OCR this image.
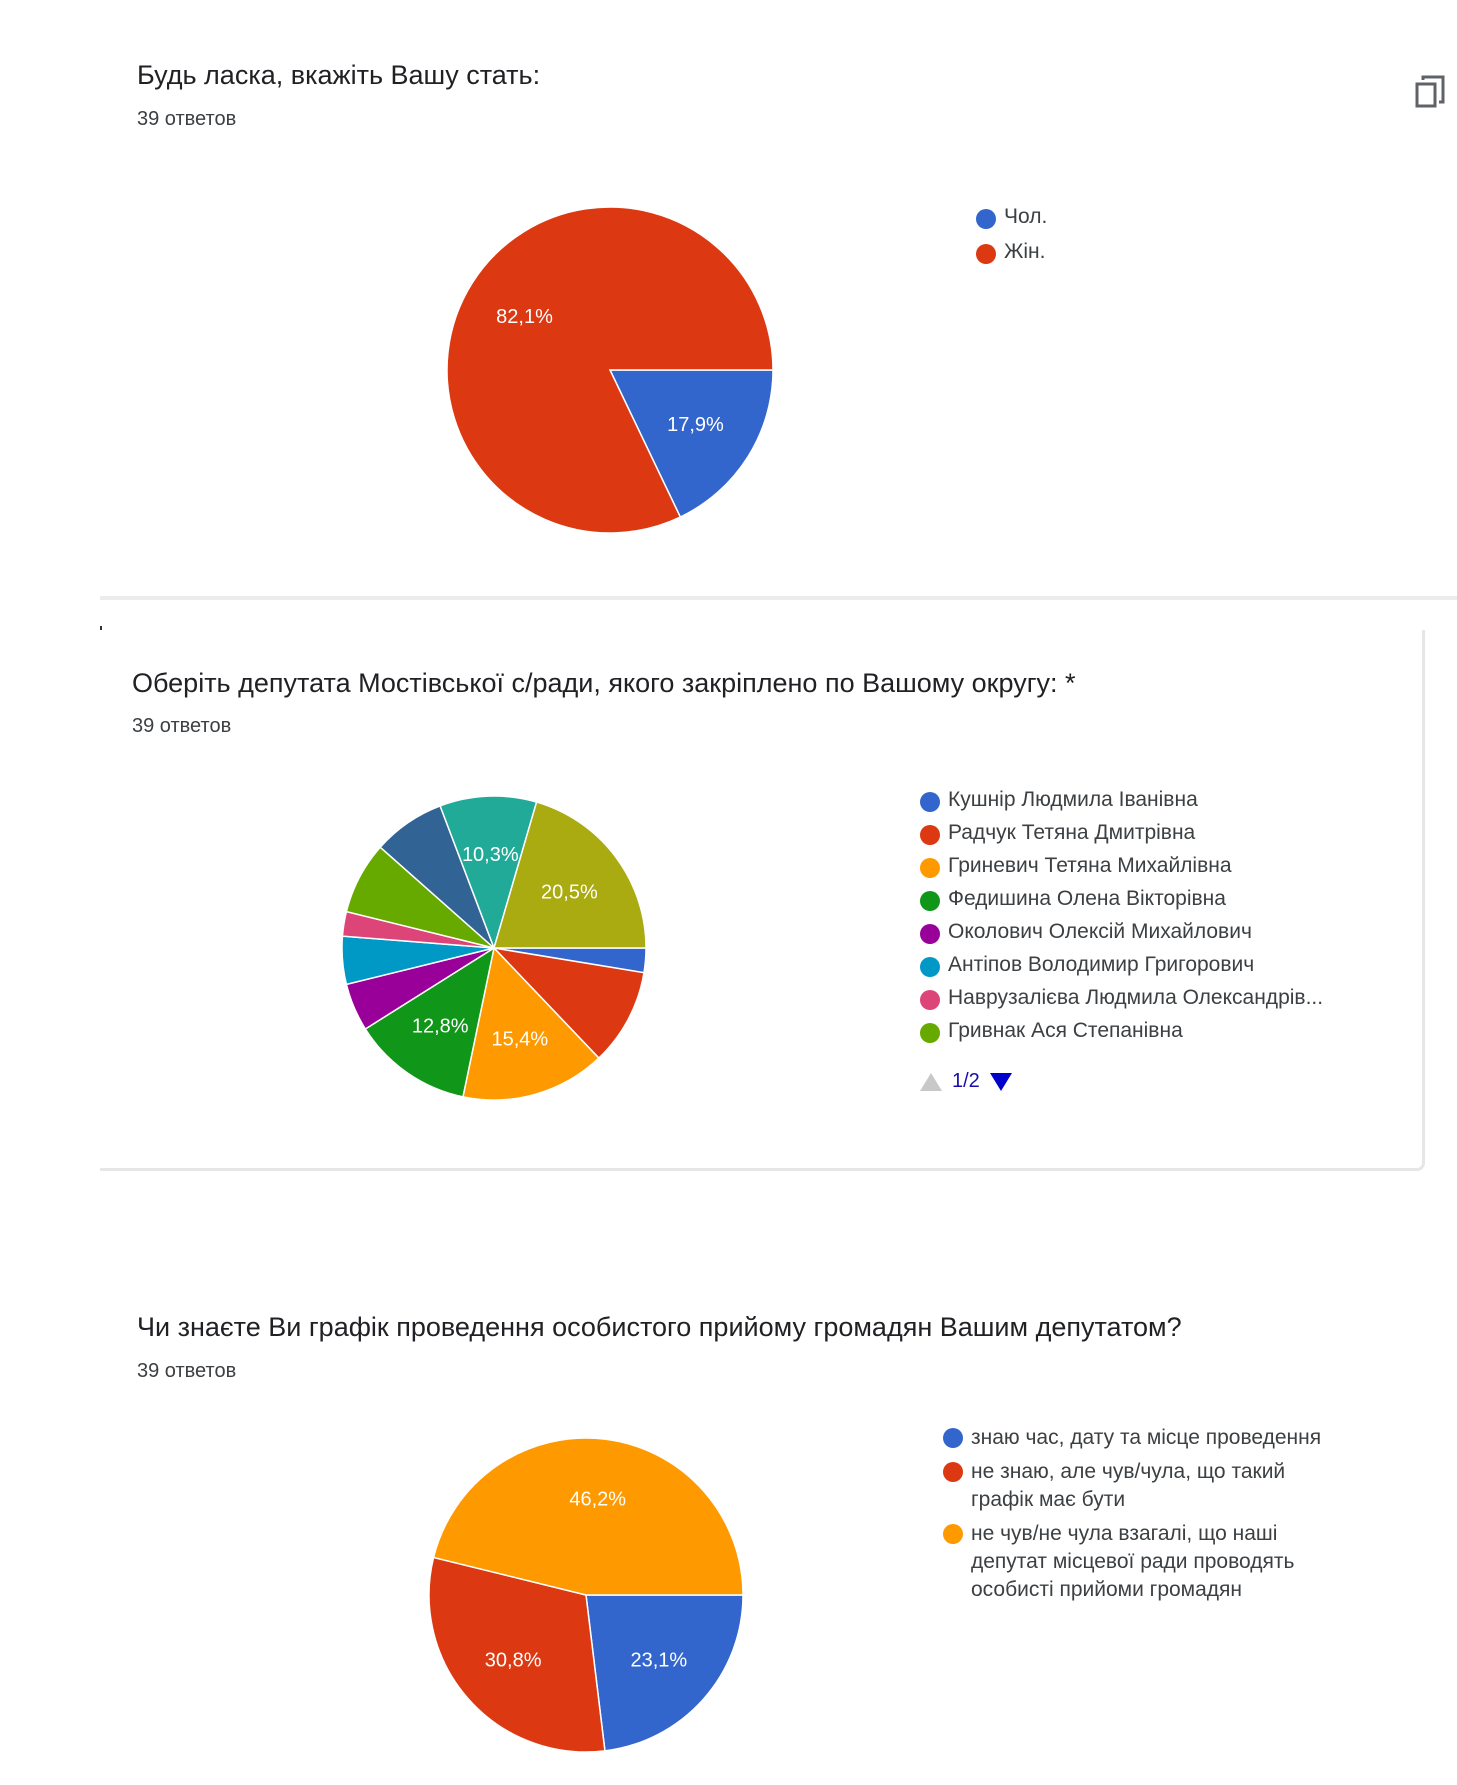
Будь ласка, вкажіть Вашу стать:
39 ответов
17,9%
82,1%
Чол.
Жін.
Оберіть депутата Мостівської с/ради, якого закріплено по Вашому округу: *
39 ответов
15,4%
12,8%
10,3%
20,5%
Кушнір Людмила Іванівна
Радчук Тетяна Дмитрівна
Гриневич Тетяна Михайлівна
Федишина Олена Вікторівна
Околович Олексій Михайлович
Антіпов Володимир Григорович
Наврузалієва Людмила Олександрів...
Гривнак Ася Степанівна
1/2
Чи знаєте Ви графік проведення особистого прийому громадян Вашим депутатом?
39 ответов
23,1%
30,8%
46,2%
знаю час, дату та місце проведення
не знаю, але чув/чула, що такий графік має бути
не чув/не чула взагалі, що наші депутат місцевої ради проводять особисті прийоми громадян
